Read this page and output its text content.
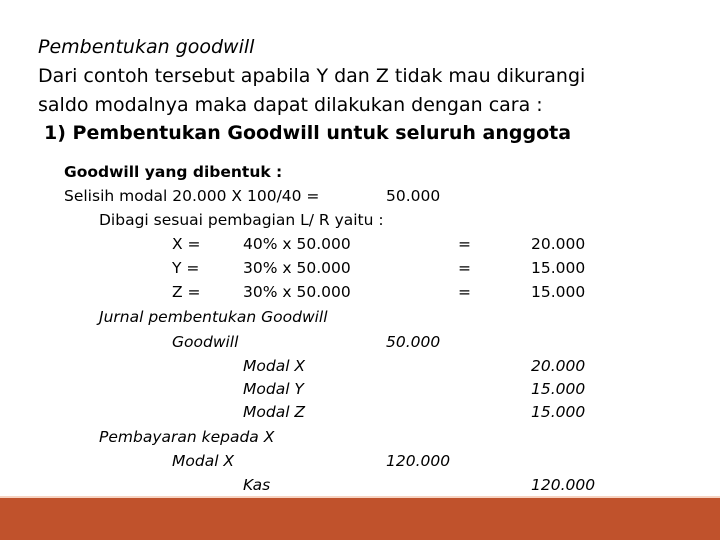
Pembentukan goodwill
Dari contoh tersebut apabila Y dan Z tidak mau dikurangi
saldo modalnya maka dapat dilakukan dengan cara :
1) Pembentukan Goodwill untuk seluruh anggota
Goodwill yang dibentuk :
Selisih modal 20.000 X 100/40 =	50.000
Dibagi sesuai pembagian L/ R yaitu :
X =	40% x 50.000	=	20.000
Y =	30% x 50.000	=	15.000
Z =	30% x 50.000	=	15.000
Jurnal pembentukan Goodwill
Goodwill	50.000
Modal X	20.000
Modal Y	15.000
Modal Z	15.000
Pembayaran kepada X
Modal X	120.000
Kas	120.000
